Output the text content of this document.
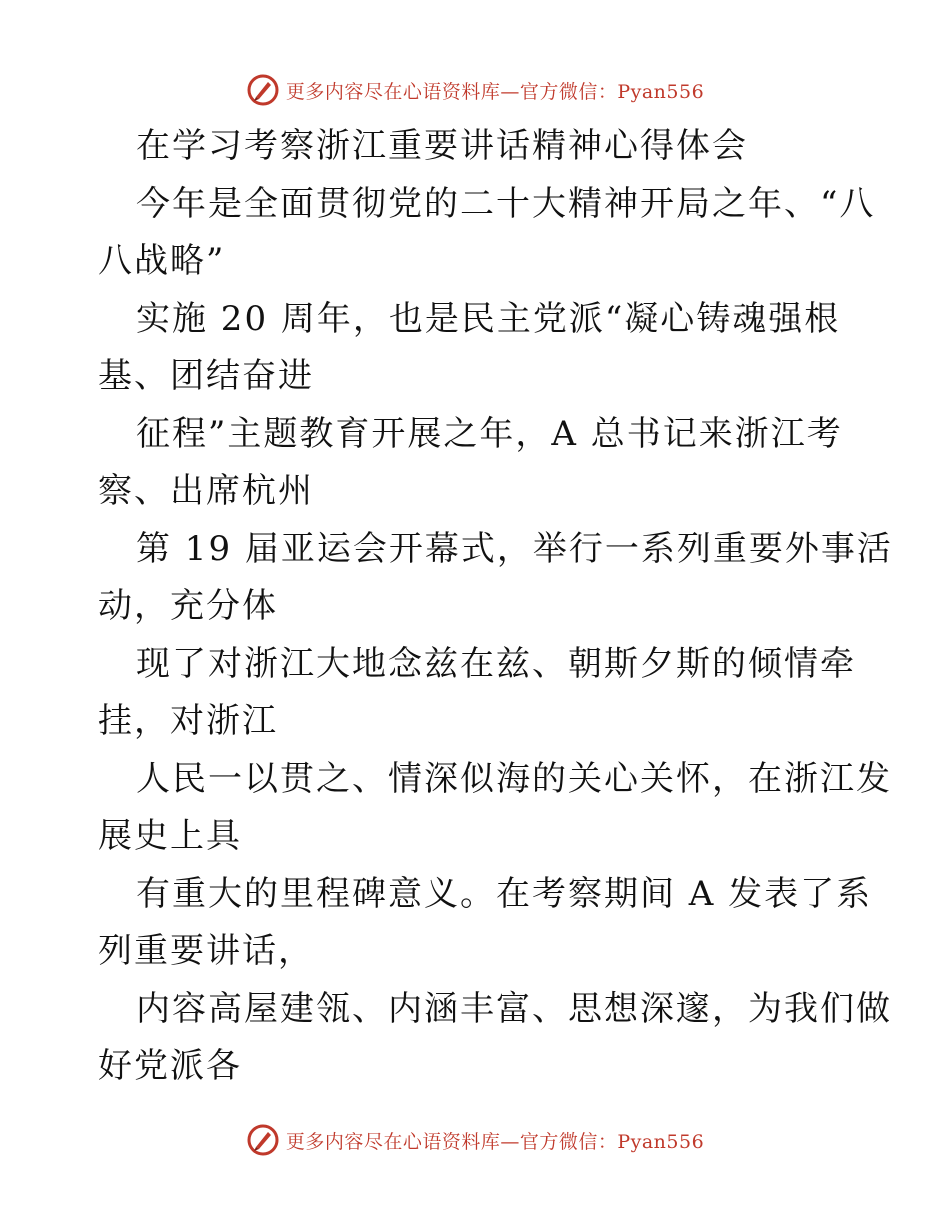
更多内容尽在心语资料库—官方微信：Pyan556
在学习考察浙江重要讲话精神心得体会
今年是全面贯彻党的二十大精神开局之年、“八
八战略”
实施 20 周年，也是民主党派“凝心铸魂强根
基、团结奋进
征程”主题教育开展之年，A 总书记来浙江考
察、出席杭州
第 19 届亚运会开幕式，举行一系列重要外事活
动，充分体
现了对浙江大地念兹在兹、朝斯夕斯的倾情牵
挂，对浙江
人民一以贯之、情深似海的关心关怀，在浙江发
展史上具
有重大的里程碑意义。在考察期间 A 发表了系
列重要讲话，
内容高屋建瓴、内涵丰富、思想深邃，为我们做
好党派各
更多内容尽在心语资料库—官方微信：Pyan556
